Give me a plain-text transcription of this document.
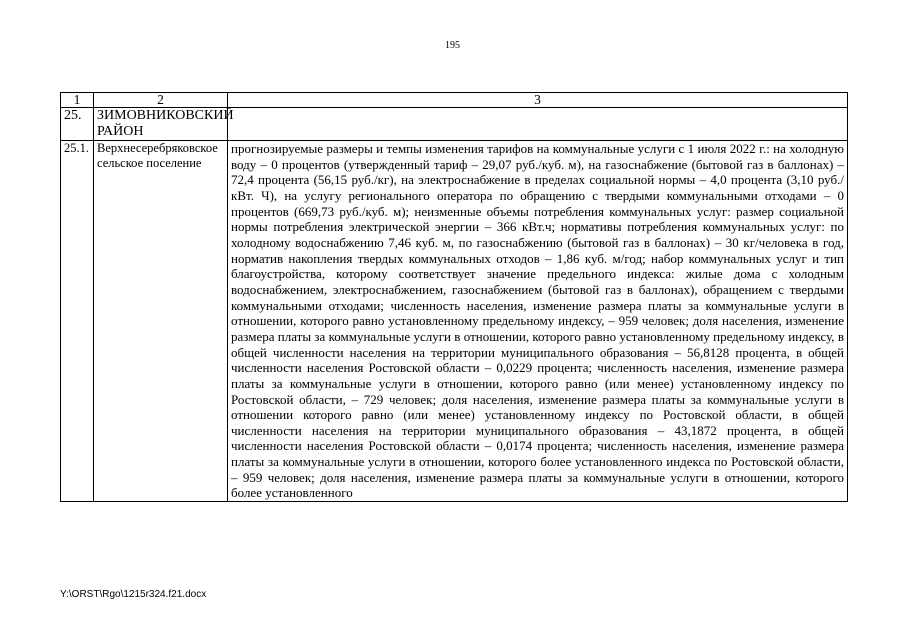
195
1	2	3
25.	ЗИМОВНИКОВСКИЙ РАЙОН	
25.1.	Верхнесеребряковское сельское поселение	прогнозируемые размеры и темпы изменения тарифов на коммунальные услуги с 1 июля 2022 г.: на холодную воду – 0 процентов (утвержденный тариф – 29,07 руб./куб. м), на газоснабжение (бытовой газ в баллонах) – 72,4 процента (56,15 руб./кг), на электроснабжение в пределах социальной нормы – 4,0 процента (3,10 руб./кВт. Ч), на услугу регионального оператора по обращению с твердыми коммунальными отходами – 0 процентов (669,73 руб./куб. м); неизменные объемы потребления коммунальных услуг: размер социальной нормы потребления электрической энергии – 366 кВт.ч; нормативы потребления коммунальных услуг: по холодному водоснабжению 7,46 куб. м, по газоснабжению (бытовой газ в баллонах) – 30 кг/человека в год, норматив накопления твердых коммунальных отходов – 1,86 куб. м/год; набор коммунальных услуг и тип благоустройства, которому соответствует значение предельного индекса: жилые дома с холодным водоснабжением, электроснабжением, газоснабжением (бытовой газ в баллонах), обращением с твердыми коммунальными отходами; численность населения, изменение размера платы за коммунальные услуги в отношении, которого равно установленному предельному индексу, – 959 человек; доля населения, изменение размера платы за коммунальные услуги в отношении, которого равно установленному предельному индексу, в общей численности населения на территории муниципального образования – 56,8128 процента, в общей численности населения Ростовской области – 0,0229 процента; численность населения, изменение размера платы за коммунальные услуги в отношении, которого равно (или менее) установленному индексу по Ростовской области, – 729 человек; доля населения, изменение размера платы за коммунальные услуги в отношении которого равно (или менее) установленному индексу по Ростовской области, в общей численности населения на территории муниципального образования – 43,1872 процента, в общей численности населения Ростовской области – 0,0174 процента; численность населения, изменение размера платы за коммунальные услуги в отношении, которого более установленного индекса по Ростовской области, – 959 человек; доля населения, изменение размера платы за коммунальные услуги в отношении, которого более установленного
Y:\ORST\Rgo\1215r324.f21.docx
